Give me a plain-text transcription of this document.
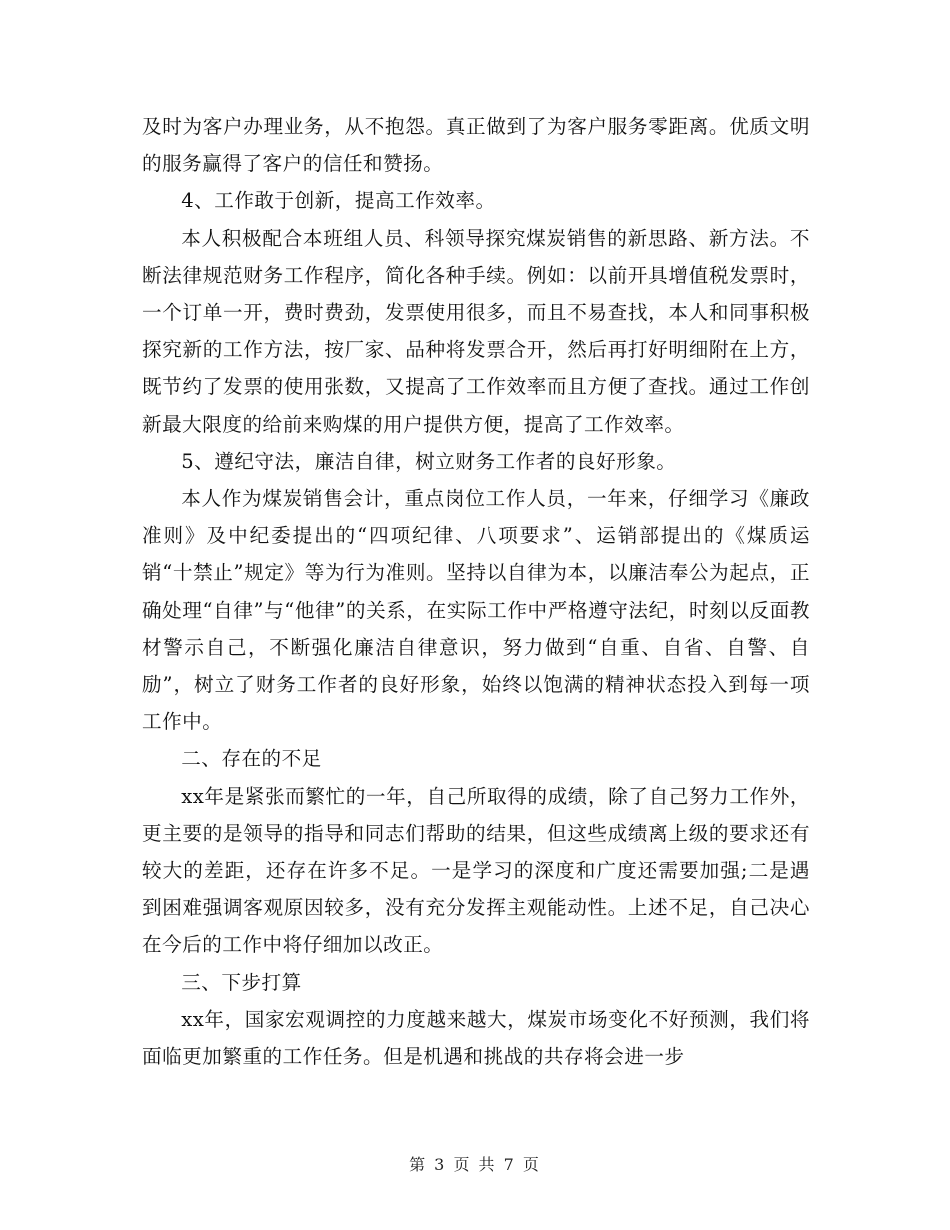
及时为客户办理业务，从不抱怨。真正做到了为客户服务零距离。优质文明的服务赢得了客户的信任和赞扬。

4、工作敢于创新，提高工作效率。

本人积极配合本班组人员、科领导探究煤炭销售的新思路、新方法。不断法律规范财务工作程序，简化各种手续。例如：以前开具增值税发票时，一个订单一开，费时费劲，发票使用很多，而且不易查找，本人和同事积极探究新的工作方法，按厂家、品种将发票合开，然后再打好明细附在上方，既节约了发票的使用张数，又提高了工作效率而且方便了查找。通过工作创新最大限度的给前来购煤的用户提供方便，提高了工作效率。

5、遵纪守法，廉洁自律，树立财务工作者的良好形象。

本人作为煤炭销售会计，重点岗位工作人员，一年来，仔细学习《廉政准则》及中纪委提出的“四项纪律、八项要求”、运销部提出的《煤质运销“十禁止”规定》等为行为准则。坚持以自律为本，以廉洁奉公为起点，正确处理“自律”与“他律”的关系，在实际工作中严格遵守法纪，时刻以反面教材警示自己，不断强化廉洁自律意识，努力做到“自重、自省、自警、自励”，树立了财务工作者的良好形象，始终以饱满的精神状态投入到每一项工作中。

二、存在的不足

xx年是紧张而繁忙的一年，自己所取得的成绩，除了自己努力工作外，更主要的是领导的指导和同志们帮助的结果，但这些成绩离上级的要求还有较大的差距，还存在许多不足。一是学习的深度和广度还需要加强;二是遇到困难强调客观原因较多，没有充分发挥主观能动性。上述不足，自己决心在今后的工作中将仔细加以改正。

三、下步打算

xx年，国家宏观调控的力度越来越大，煤炭市场变化不好预测，我们将面临更加繁重的工作任务。但是机遇和挑战的共存将会进一步

第 3 页 共 7 页
